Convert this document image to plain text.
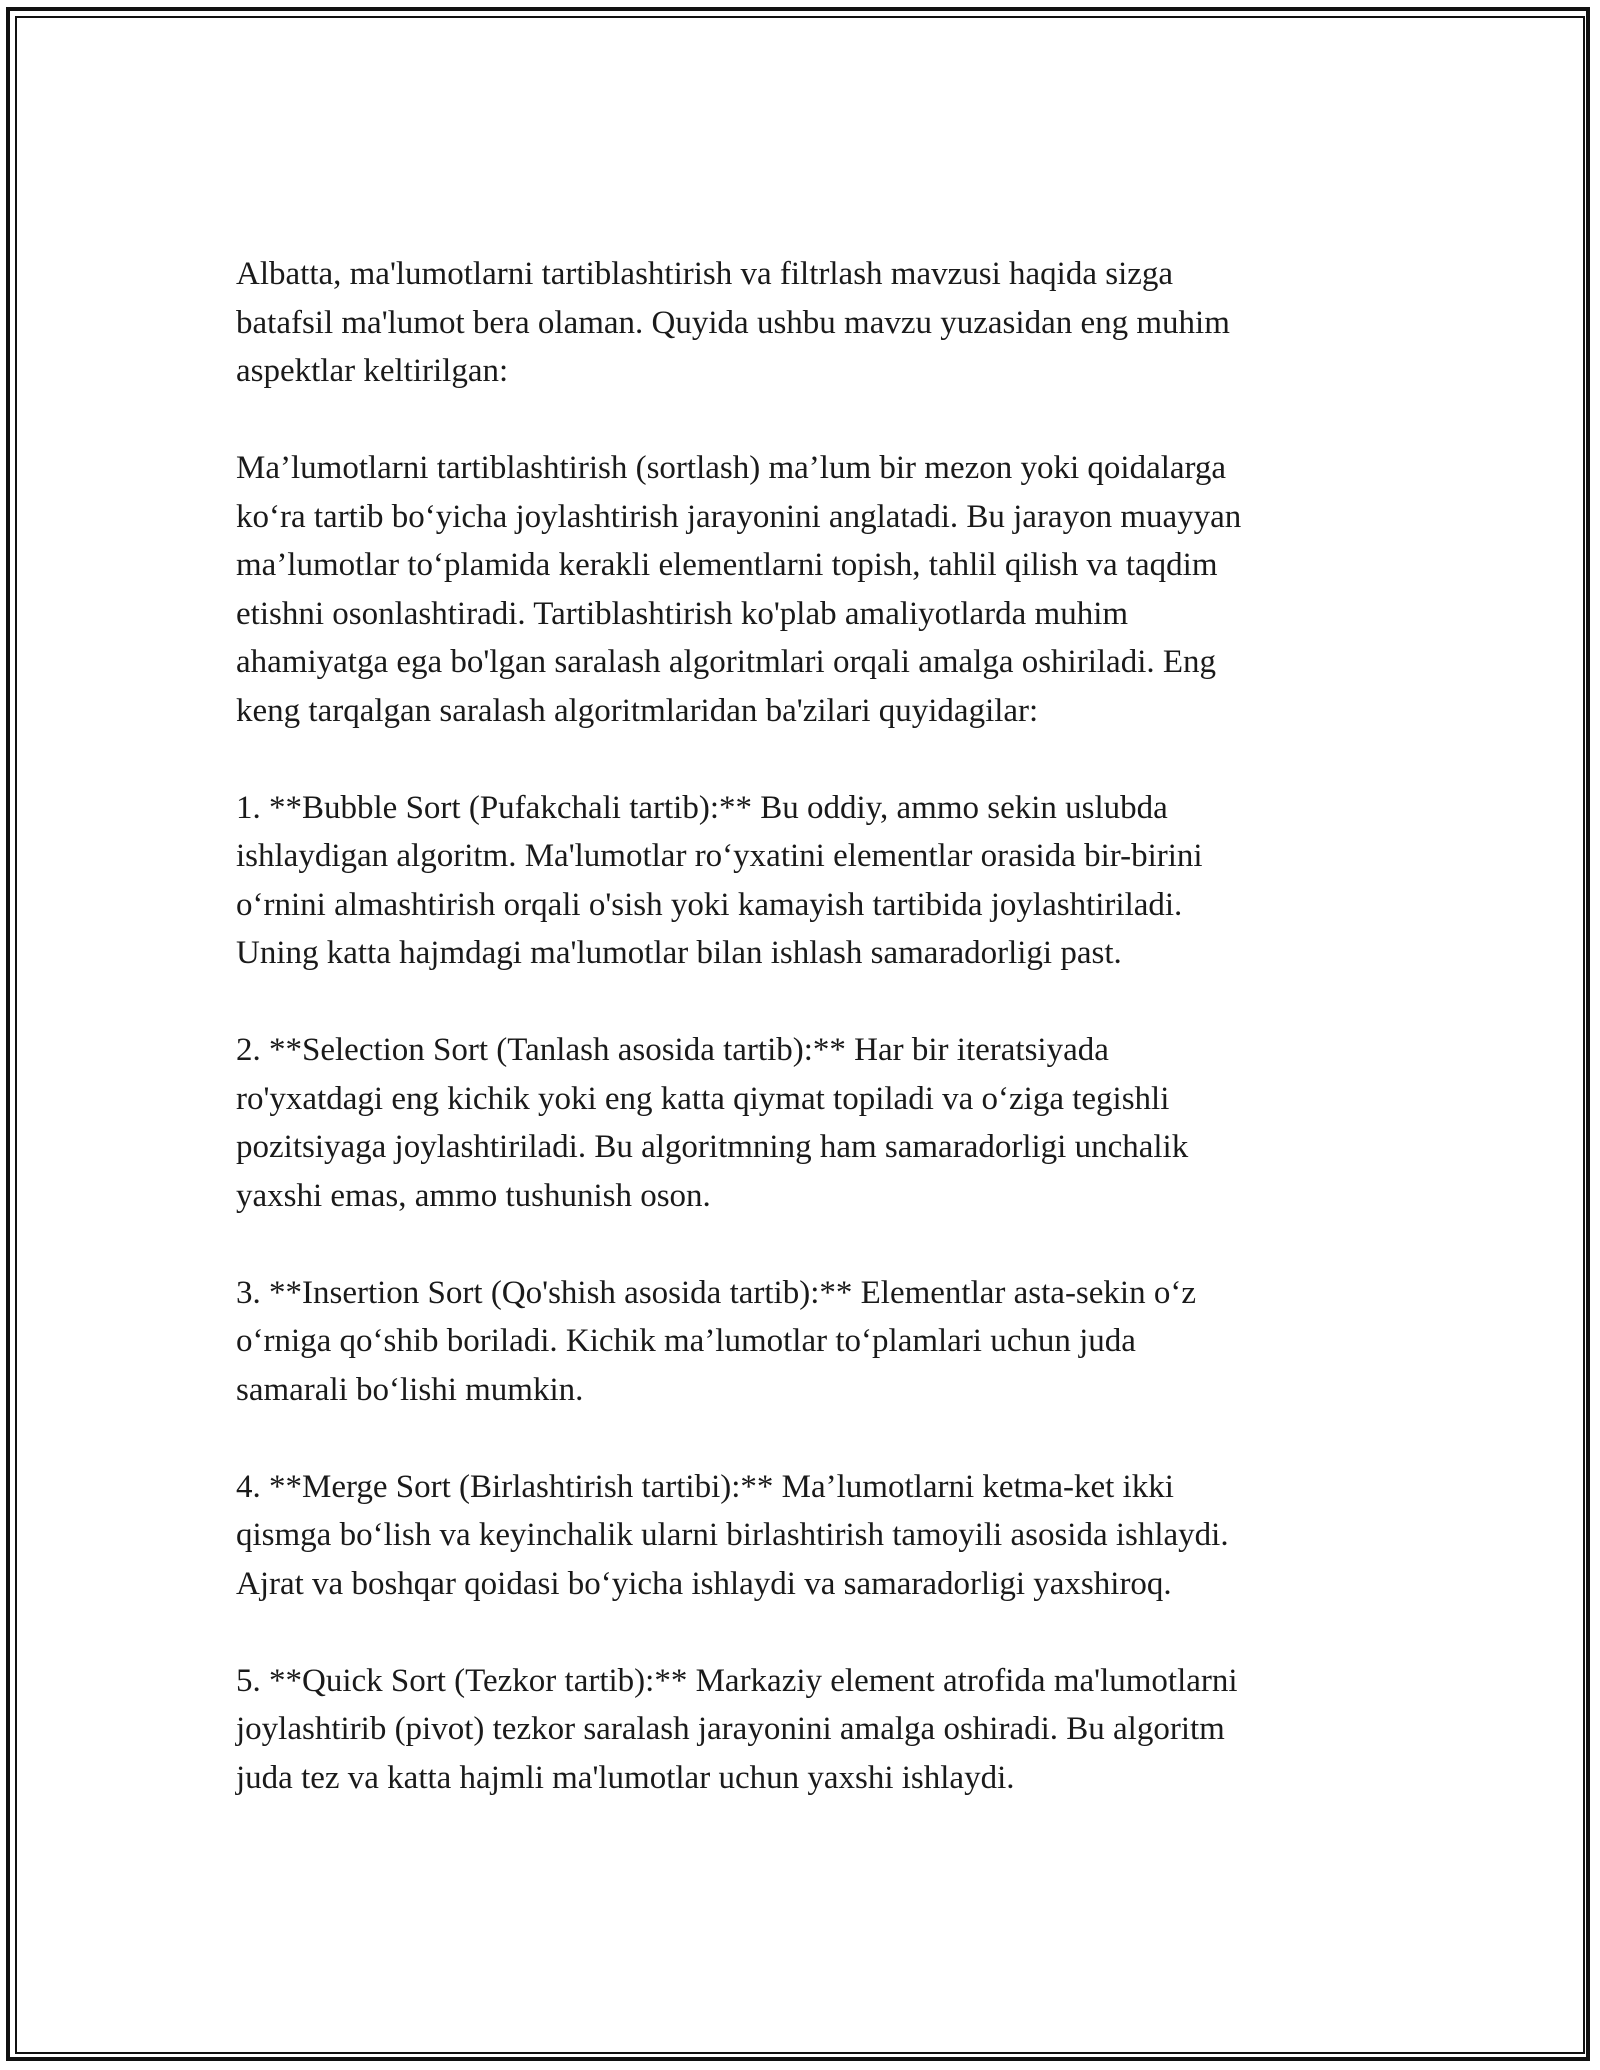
Albatta, ma'lumotlarni tartiblashtirish va filtrlash mavzusi haqida sizga
batafsil ma'lumot bera olaman. Quyida ushbu mavzu yuzasidan eng muhim
aspektlar keltirilgan:

Ma’lumotlarni tartiblashtirish (sortlash) ma’lum bir mezon yoki qoidalarga
ko‘ra tartib bo‘yicha joylashtirish jarayonini anglatadi. Bu jarayon muayyan
ma’lumotlar to‘plamida kerakli elementlarni topish, tahlil qilish va taqdim
etishni osonlashtiradi. Tartiblashtirish ko'plab amaliyotlarda muhim
ahamiyatga ega bo'lgan saralash algoritmlari orqali amalga oshiriladi. Eng
keng tarqalgan saralash algoritmlaridan ba'zilari quyidagilar:

1. **Bubble Sort (Pufakchali tartib):** Bu oddiy, ammo sekin uslubda
ishlaydigan algoritm. Ma'lumotlar ro‘yxatini elementlar orasida bir-birini
o‘rnini almashtirish orqali o'sish yoki kamayish tartibida joylashtiriladi.
Uning katta hajmdagi ma'lumotlar bilan ishlash samaradorligi past.

2. **Selection Sort (Tanlash asosida tartib):** Har bir iteratsiyada
ro'yxatdagi eng kichik yoki eng katta qiymat topiladi va o‘ziga tegishli
pozitsiyaga joylashtiriladi. Bu algoritmning ham samaradorligi unchalik
yaxshi emas, ammo tushunish oson.

3. **Insertion Sort (Qo'shish asosida tartib):** Elementlar asta-sekin o‘z
o‘rniga qo‘shib boriladi. Kichik ma’lumotlar to‘plamlari uchun juda
samarali bo‘lishi mumkin.

4. **Merge Sort (Birlashtirish tartibi):** Ma’lumotlarni ketma-ket ikki
qismga bo‘lish va keyinchalik ularni birlashtirish tamoyili asosida ishlaydi.
Ajrat va boshqar qoidasi bo‘yicha ishlaydi va samaradorligi yaxshiroq.

5. **Quick Sort (Tezkor tartib):** Markaziy element atrofida ma'lumotlarni
joylashtirib (pivot) tezkor saralash jarayonini amalga oshiradi. Bu algoritm
juda tez va katta hajmli ma'lumotlar uchun yaxshi ishlaydi.
